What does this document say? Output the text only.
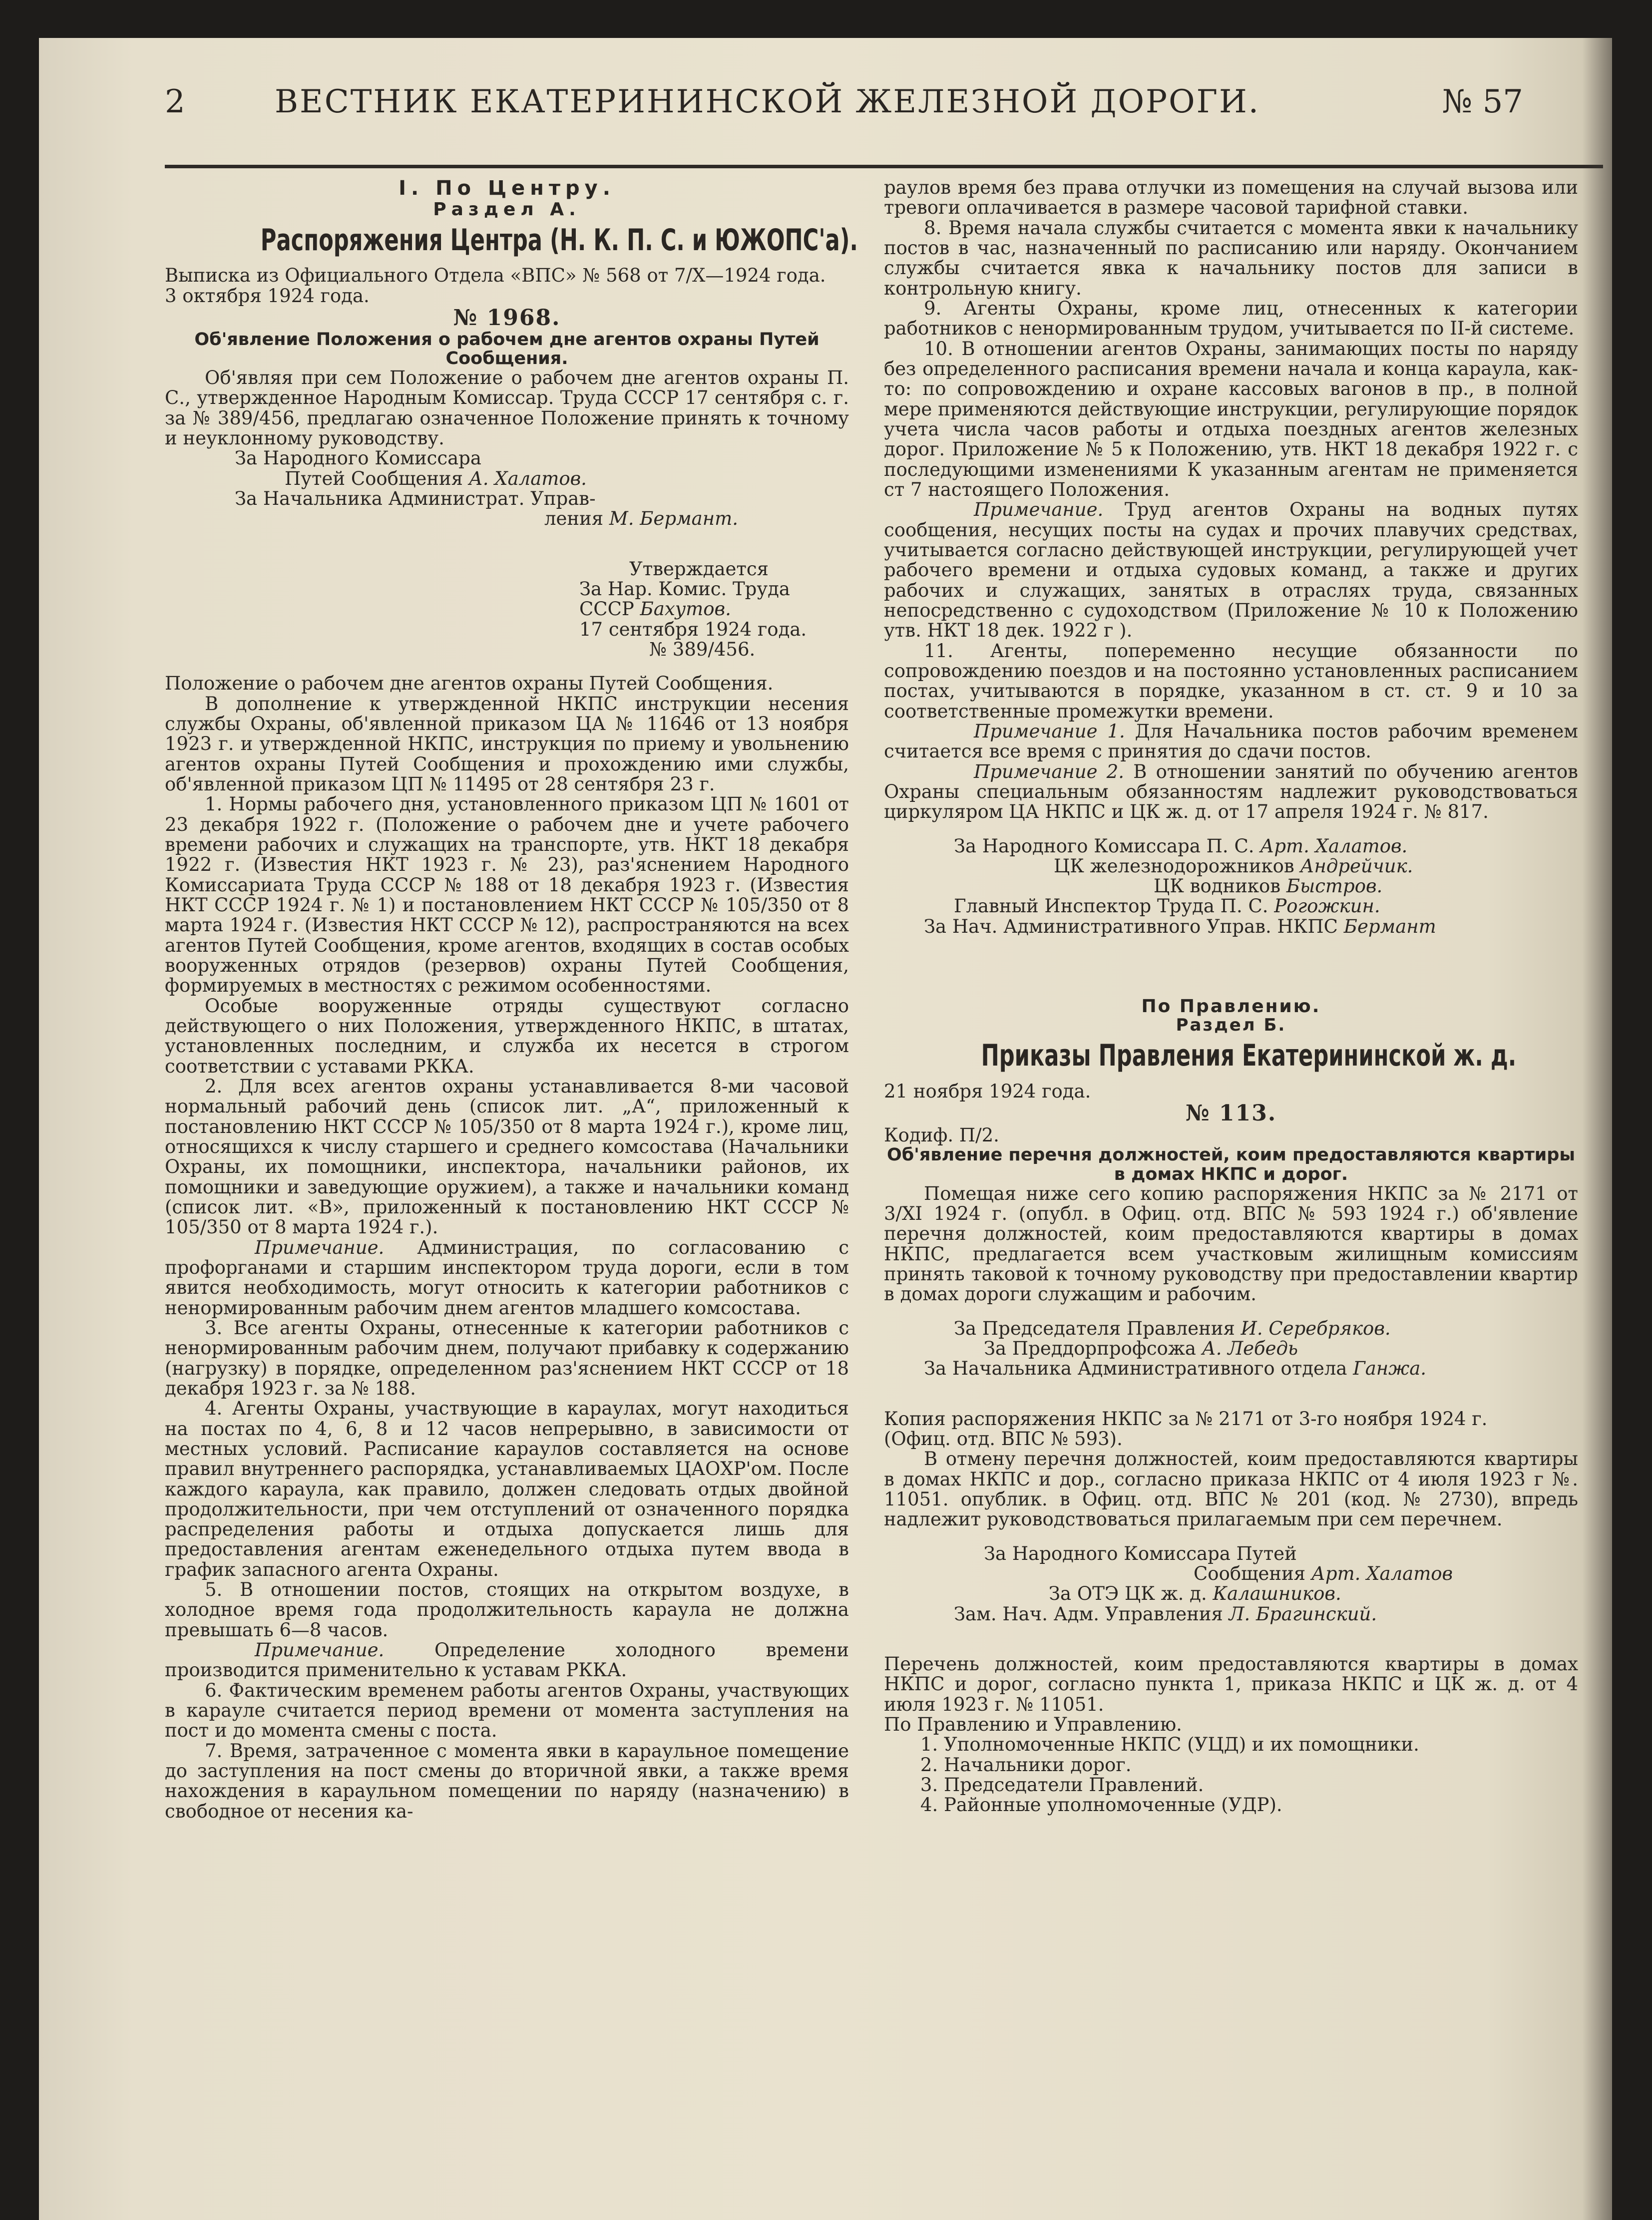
2	ВЕСТНИК ЕКАТЕРИНИНСКОЙ ЖЕЛЕЗНОЙ ДОРОГИ.	№ 57
I. По Центру.
Раздел А.
Распоряжения Центра (Н. К. П. С. и ЮЖОПС'а).

Выписка из Официального Отдела «ВПС» № 568 от 7/X—1924 года.

3 октября 1924 года.

№ 1968.
Об'явление Положения о рабочем дне агентов охраны Путей Сообщения.

Об'являя при сем Положение о рабочем дне агентов охраны П. С., утвержденное Народным Комиссар. Труда СССР 17 сентября с. г. за № 389/456, предлагаю означенное Положение принять к точному и неуклонному руководству.

За Народного Комиссара

Путей Сообщения А. Халатов.

За Начальника Администрат. Управ-

ления М. Бермант.

Утверждается

За Нар. Комис. Труда

СССР Бахутов.

17 сентября 1924 года.

№ 389/456.

Положение о рабочем дне агентов охраны Путей Сообщения.

В дополнение к утвержденной НКПС инструкции несения службы Охраны, об'явленной приказом ЦА № 11646 от 13 ноября 1923 г. и утвержденной НКПС, инструкция по приему и увольнению агентов охраны Путей Сообщения и прохождению ими службы, об'явленной приказом ЦП № 11495 от 28 сентября 23 г.

1. Нормы рабочего дня, установленного приказом ЦП № 1601 от 23 декабря 1922 г. (Положение о рабочем дне и учете рабочего времени рабочих и служащих на транспорте, утв. НКТ 18 декабря 1922 г. (Известия НКТ 1923 г. № 23), раз'яснением Народного Комиссариата Труда СССР № 188 от 18 декабря 1923 г. (Известия НКТ СССР 1924 г. № 1) и постановлением НКТ СССР № 105/350 от 8 марта 1924 г. (Известия НКТ СССР № 12), распространяются на всех агентов Путей Сообщения, кроме агентов, входящих в состав особых вооруженных отрядов (резервов) охраны Путей Сообщения, формируемых в местностях с режимом особенностями.

Особые вооруженные отряды существуют согласно действующего о них Положения, утвержденного НКПС, в штатах, установленных последним, и служба их несется в строгом соответствии с уставами РККА.

2. Для всех агентов охраны устанавливается 8-ми часовой нормальный рабочий день (список лит. „А“, приложенный к постановлению НКТ СССР № 105/350 от 8 марта 1924 г.), кроме лиц, относящихся к числу старшего и среднего комсостава (Начальники Охраны, их помощники, инспектора, начальники районов, их помощники и заведующие оружием), а также и начальники команд (список лит. «В», приложенный к постановлению НКТ СССР № 105/350 от 8 марта 1924 г.).

Примечание. Администрация, по согласованию с профорганами и старшим инспектором труда дороги, если в том явится необходимость, могут относить к категории работников с ненормированным рабочим днем агентов младшего комсостава.

3. Все агенты Охраны, отнесенные к категории работников с ненормированным рабочим днем, получают прибавку к содержанию (нагрузку) в порядке, определенном раз'яснением НКТ СССР от 18 декабря 1923 г. за № 188.

4. Агенты Охраны, участвующие в караулах, могут находиться на постах по 4, 6, 8 и 12 часов непрерывно, в зависимости от местных условий. Расписание караулов составляется на основе правил внутреннего распорядка, устанавливаемых ЦАОХР'ом. После каждого караула, как правило, должен следовать отдых двойной продолжительности, при чем отступлений от означенного порядка распределения работы и отдыха допускается лишь для предоставления агентам еженедельного отдыха путем ввода в график запасного агента Охраны.

5. В отношении постов, стоящих на открытом воздухе, в холодное время года продолжительность караула не должна превышать 6—8 часов.

Примечание. Определение холодного времени производится применительно к уставам РККА.

6. Фактическим временем работы агентов Охраны, участвующих в карауле считается период времени от момента заступления на пост и до момента смены с поста.

7. Время, затраченное с момента явки в караульное помещение до заступления на пост смены до вторичной явки, а также время нахождения в караульном помещении по наряду (назначению) в свободное от несения ка-

раулов время без права отлучки из помещения на случай вызова или тревоги оплачивается в размере часовой тарифной ставки.

8. Время начала службы считается с момента явки к начальнику постов в час, назначенный по расписанию или наряду. Окончанием службы считается явка к начальнику постов для записи в контрольную книгу.

9. Агенты Охраны, кроме лиц, отнесенных к категории работников с ненормированным трудом, учитывается по II-й системе.

10. В отношении агентов Охраны, занимающих посты по наряду без определенного расписания времени начала и конца караула, как-то: по сопровождению и охране кассовых вагонов в пр., в полной мере применяются действующие инструкции, регулирующие порядок учета числа часов работы и отдыха поездных агентов железных дорог. Приложение № 5 к Положению, утв. НКТ 18 декабря 1922 г. с последующими изменениями К указанным агентам не применяется ст 7 настоящего Положения.

Примечание. Труд агентов Охраны на водных путях сообщения, несущих посты на судах и прочих плавучих средствах, учитывается согласно действующей инструкции, регулирующей учет рабочего времени и отдыха судовых команд, а также и других рабочих и служащих, занятых в отраслях труда, связанных непосредственно с судоходством (Приложение № 10 к Положению утв. НКТ 18 дек. 1922 г ).

11. Агенты, попеременно несущие обязанности по сопровождению поездов и на постоянно установленных расписанием постах, учитываются в порядке, указанном в ст. ст. 9 и 10 за соответственные промежутки времени.

Примечание 1. Для Начальника постов рабочим временем считается все время с принятия до сдачи постов.

Примечание 2. В отношении занятий по обучению агентов Охраны специальным обязанностям надлежит руководствоваться циркуляром ЦА НКПС и ЦК ж. д. от 17 апреля 1924 г. № 817.

За Народного Комиссара П. С. Арт. Халатов.

ЦК железнодорожников Андрейчик.

ЦК водников Быстров.

Главный Инспектор Труда П. С. Рогожкин.

За Нач. Административного Управ. НКПС Бермант

По Правлению.
Раздел Б.
Приказы Правления Екатерининской ж. д.

21 ноября 1924 года.

№ 113.

Кодиф. П/2.

Об'явление перечня должностей, коим предоставляются квартиры в домах НКПС и дорог.

Помещая ниже сего копию распоряжения НКПС за № 2171 от 3/XI 1924 г. (опубл. в Офиц. отд. ВПС № 593 1924 г.) об'явление перечня должностей, коим предоставляются квартиры в домах НКПС, предлагается всем участковым жилищным комиссиям принять таковой к точному руководству при предоставлении квартир в домах дороги служащим и рабочим.

За Председателя Правления И. Серебряков.

За Преддорпрофсожа А. Лебедь

За Начальника Административного отдела Ганжа.

Копия распоряжения НКПС за № 2171 от 3-го ноября 1924 г.

(Офиц. отд. ВПС № 593).

В отмену перечня должностей, коим предоставляются квартиры в домах НКПС и дор., согласно приказа НКПС от 4 июля 1923 г №. 11051. опублик. в Офиц. отд. ВПС № 201 (код. № 2730), впредь надлежит руководствоваться прилагаемым при сем перечнем.

За Народного Комиссара Путей

Сообщения Арт. Халатов

За ОТЭ ЦК ж. д. Калашников.

Зам. Нач. Адм. Управления Л. Брагинский.

Перечень должностей, коим предоставляются квартиры в домах НКПС и дорог, согласно пункта 1, приказа НКПС и ЦК ж. д. от 4 июля 1923 г. № 11051.

По Правлению и Управлению.

1. Уполномоченные НКПС (УЦД) и их помощники.
2. Начальники дорог.
3. Председатели Правлений.
4. Районные уполномоченные (УДР).
